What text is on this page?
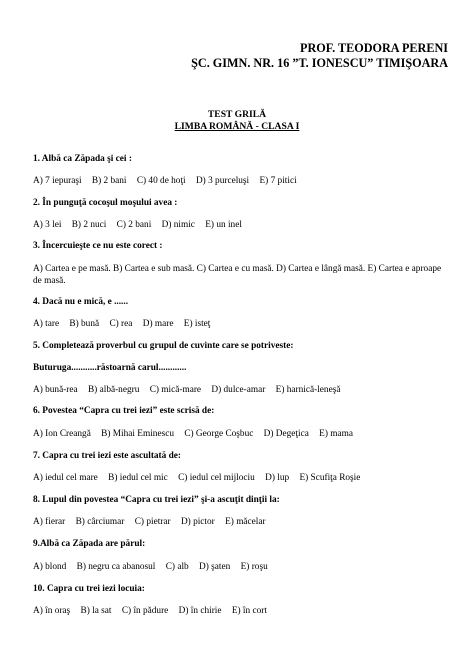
PROF. TEODORA PERENI
ŞC. GIMN. NR. 16 ”T. IONESCU” TIMIŞOARA
TEST GRILĂ
LIMBA ROMÂNĂ - CLASA I
1. Albă ca Zăpada şi cei :
A) 7 iepuraşi B) 2 bani C) 40 de hoţi D) 3 purceluşi E) 7 pitici
2. În punguţă cocoşul moşului avea :
A) 3 lei B) 2 nuci C) 2 bani D) nimic E) un inel
3. Încercuieşte ce nu este corect :
A) Cartea e pe masă. B) Cartea e sub masă. C) Cartea e cu masă. D) Cartea e lângă masă. E) Cartea e aproape de masă.
4. Dacă nu e mică, e ......
A) tare B) bună C) rea D) mare E) isteţ
5. Completează proverbul cu grupul de cuvinte care se potriveste:
Buturuga...........răstoarnă carul............
A) bună-rea B) albă-negru C) mică-mare D) dulce-amar E) harnică-leneşă
6. Povestea “Capra cu trei iezi” este scrisă de:
A) Ion Creangă B) Mihai Eminescu C) George Coşbuc D) Degeţica E) mama
7. Capra cu trei iezi este ascultată de:
A) iedul cel mare B) iedul cel mic C) iedul cel mijlociu D) lup E) Scufiţa Roşie
8. Lupul din povestea “Capra cu trei iezi” şi-a ascuţit dinţii la:
A) fierar B) cârciumar C) pietrar D) pictor E) măcelar
9.Albă ca Zăpada are părul:
A) blond B) negru ca abanosul C) alb D) şaten E) roşu
10. Capra cu trei iezi locuia:
A) în oraş B) la sat C) în pădure D) în chirie E) în cort
